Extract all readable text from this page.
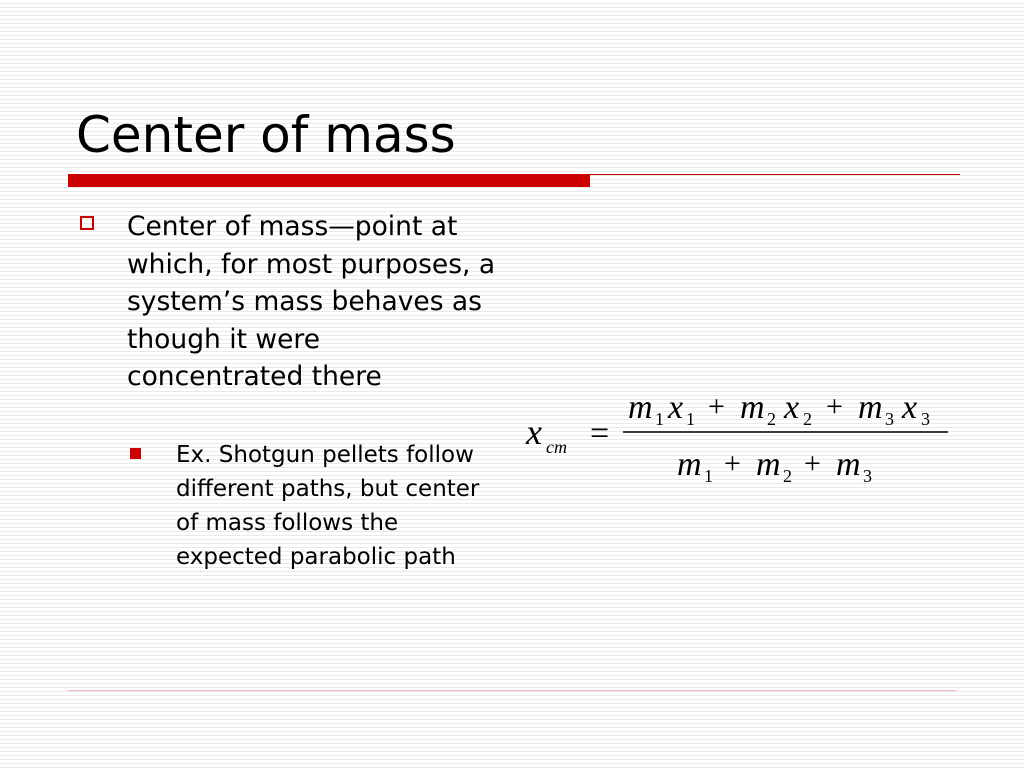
Center of mass
Center of mass—point at which, for most purposes, a system’s mass behaves as though it were concentrated there
Ex. Shotgun pellets follow different paths, but center of mass follows the expected parabolic path
x cm =
m 1 x 1 + m 2 x 2 + m 3 x 3
m 1 + m 2 + m 3
